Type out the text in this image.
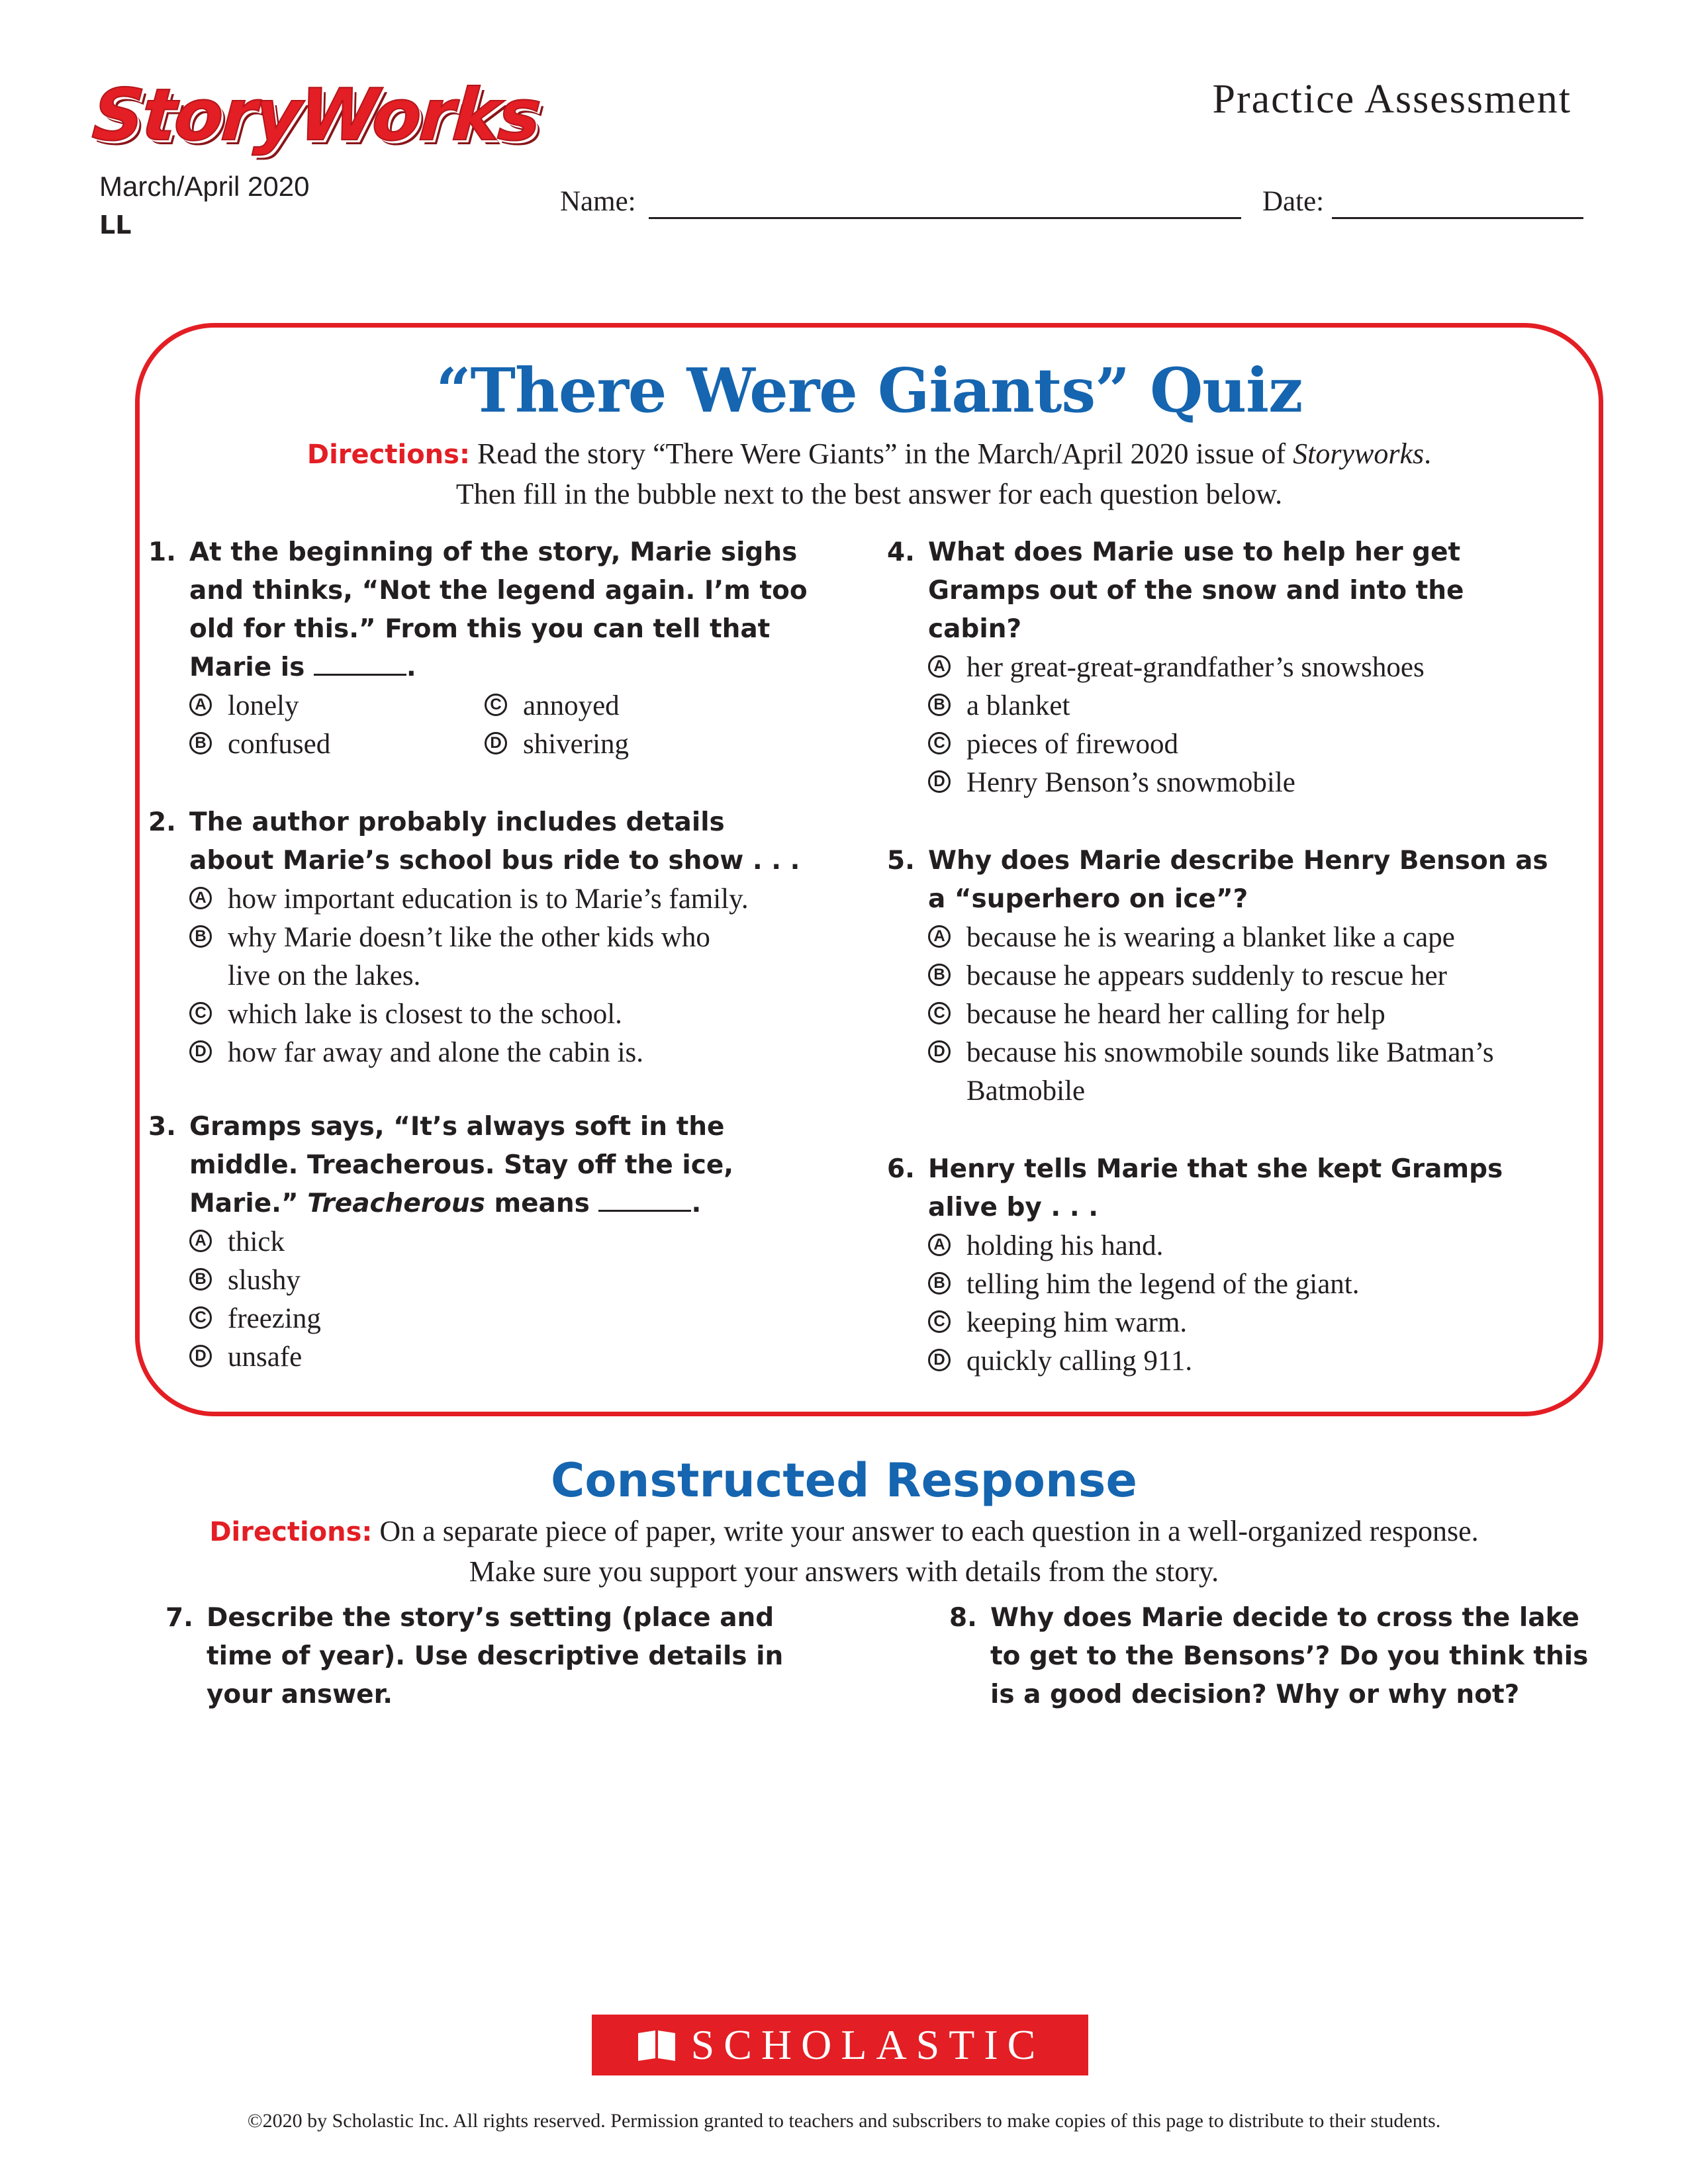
StoryWorks
March/April 2020
LL
Practice Assessment
Name:	Date:
“There Were Giants” Quiz
Directions: Read the story “There Were Giants” in the March/April 2020 issue of Storyworks.
Then fill in the bubble next to the best answer for each question below.
1. At the beginning of the story, Marie sighs
and thinks, “Not the legend again. I’m too
old for this.” From this you can tell that
Marie is	.
A lonely	C annoyed
B confused	D shivering
2. The author probably includes details
about Marie’s school bus ride to show . . .
A how important education is to Marie’s family.
B why Marie doesn’t like the other kids who live on the lakes.
C which lake is closest to the school.
D how far away and alone the cabin is.
3. Gramps says, “It’s always soft in the
middle. Treacherous. Stay off the ice,
Marie.” Treacherous means	.
A thick
B slushy
C freezing
D unsafe
4. What does Marie use to help her get
Gramps out of the snow and into the
cabin?
A her great-great-grandfather’s snowshoes
B a blanket
C pieces of firewood
D Henry Benson’s snowmobile
5. Why does Marie describe Henry Benson as
a “superhero on ice”?
A because he is wearing a blanket like a cape
B because he appears suddenly to rescue her
C because he heard her calling for help
D because his snowmobile sounds like Batman’s Batmobile
6. Henry tells Marie that she kept Gramps
alive by . . .
A holding his hand.
B telling him the legend of the giant.
C keeping him warm.
D quickly calling 911.
Constructed Response
Directions: On a separate piece of paper, write your answer to each question in a well-organized response.
Make sure you support your answers with details from the story.
7. Describe the story’s setting (place and
time of year). Use descriptive details in
your answer.
8. Why does Marie decide to cross the lake
to get to the Bensons’? Do you think this
is a good decision? Why or why not?
SCHOLASTIC
©2020 by Scholastic Inc. All rights reserved. Permission granted to teachers and subscribers to make copies of this page to distribute to their students.
